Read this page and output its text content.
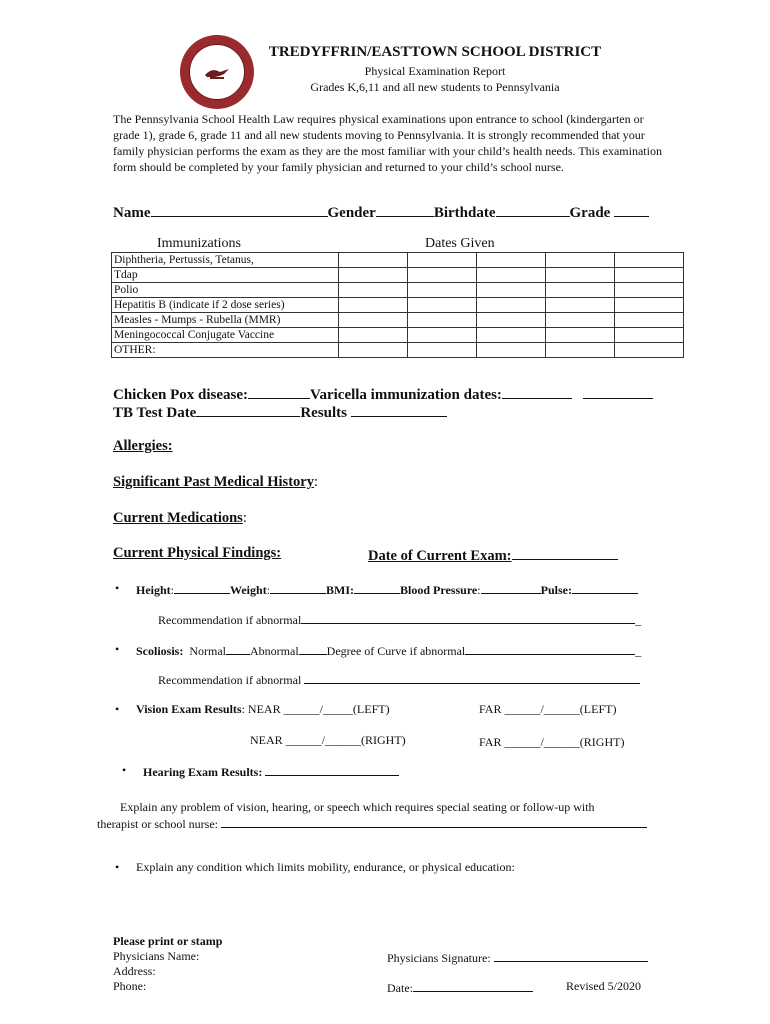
TREDYFFRIN/EASTTOWN SCHOOL DISTRICT
Physical Examination Report
Grades K,6,11 and all new students to Pennsylvania
The Pennsylvania School Health Law requires physical examinations upon entrance to school (kindergarten or grade 1), grade 6, grade 11 and all new students moving to Pennsylvania. It is strongly recommended that your family physician performs the exam as they are the most familiar with your child’s health needs. This examination form should be completed by your family physician and returned to your child’s school nurse.
Name	Gender	Birthdate	Grade
Immunizations	Dates Given
Diphtheria, Pertussis, Tetanus,					
Tdap					
Polio					
Hepatitis B (indicate if 2 dose series)					
Measles - Mumps - Rubella (MMR)					
Meningococcal Conjugate Vaccine					
OTHER:					
Chicken Pox disease:	Varicella immunization dates:
TB Test Date	Results
Allergies:
Significant Past Medical History:
Current Medications:
Current Physical Findings:	Date of Current Exam:
• Height:	Weight:	BMI:	Blood Pressure:	Pulse:
Recommendation if abnormal	_
• Scoliosis: Normal Abnormal Degree of Curve if abnormal	_
Recommendation if abnormal
• Vision Exam Results: NEAR ______/_____(LEFT)	FAR ______/______(LEFT)
NEAR ______/______(RIGHT)	FAR ______/______(RIGHT)
• Hearing Exam Results:
Explain any problem of vision, hearing, or speech which requires special seating or follow-up with
therapist or school nurse:
• Explain any condition which limits mobility, endurance, or physical education:
Please print or stamp
Physicians Name:
Address:
Phone:
Physicians Signature:
Date:	Revised 5/2020
